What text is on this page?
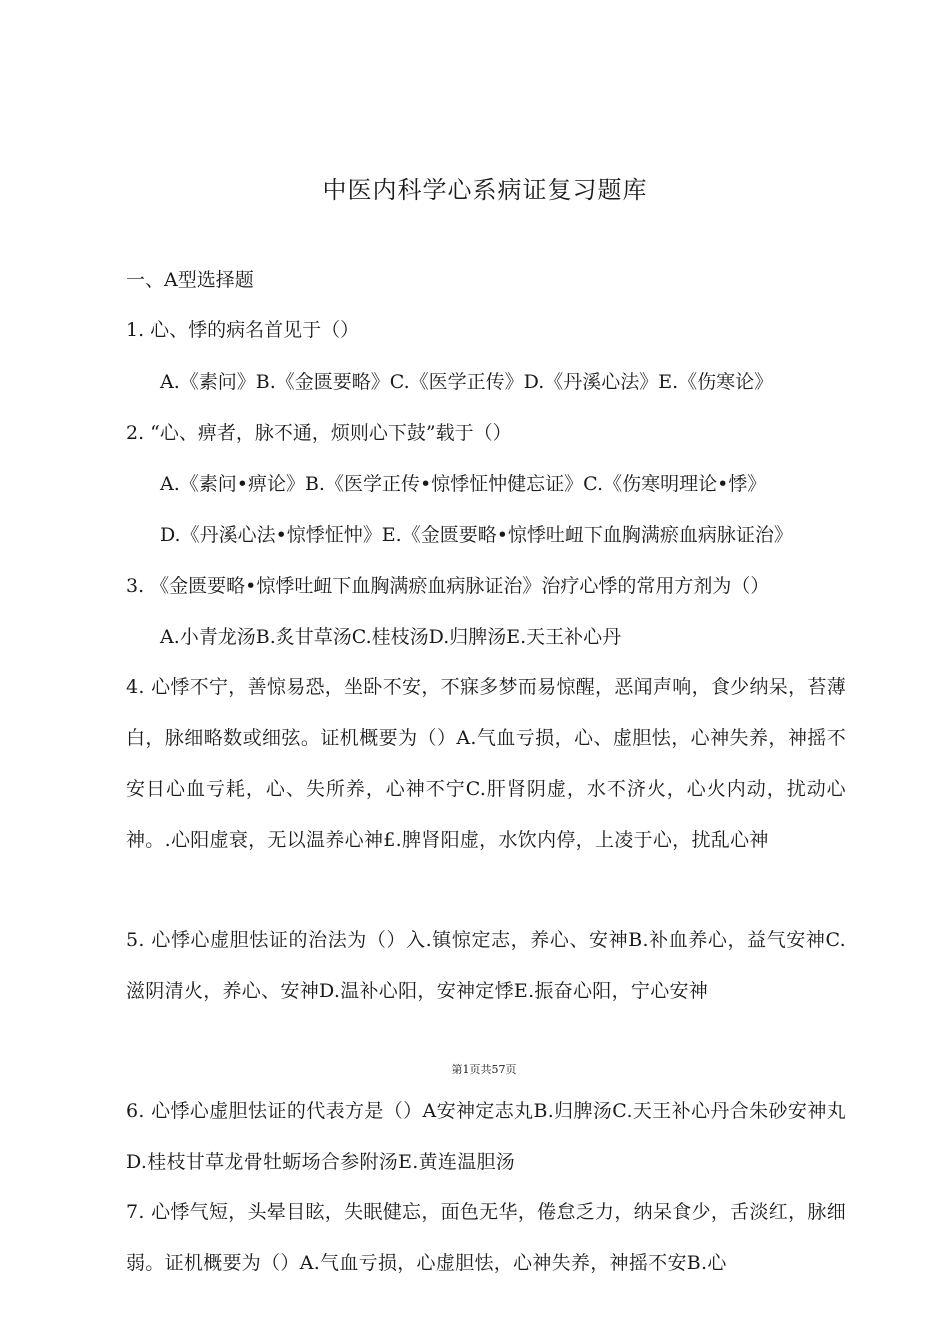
中医内科学心系病证复习题库
一、A型选择题
1. 心、悸的病名首见于（）
A.《素问》B.《金匮要略》C.《医学正传》D.《丹溪心法》E.《伤寒论》
2. “心、痹者，脉不通，烦则心下鼓”载于（）
A.《素问•痹论》B.《医学正传•惊悸怔忡健忘证》C.《伤寒明理论•悸》
D.《丹溪心法•惊悸怔忡》E.《金匮要略•惊悸吐衄下血胸满瘀血病脉证治》
3. 《金匮要略•惊悸吐衄下血胸满瘀血病脉证治》治疗心悸的常用方剂为（）
A.小青龙汤B.炙甘草汤C.桂枝汤D.归脾汤E.天王补心丹
4. 心悸不宁，善惊易恐，坐卧不安，不寐多梦而易惊醒，恶闻声响，食少纳呆，苔薄白，脉细略数或细弦。证机概要为（）A.气血亏损，心、虚胆怯，心神失养，神摇不安日心血亏耗，心、失所养，心神不宁C.肝肾阴虚，水不济火，心火内动，扰动心神。.心阳虚衰，无以温养心神£.脾肾阳虚，水饮内停，上凌于心，扰乱心神
5. 心悸心虚胆怯证的治法为（）入.镇惊定志，养心、安神B.补血养心，益气安神C.滋阴清火，养心、安神D.温补心阳，安神定悸E.振奋心阳，宁心安神
第1页共57页
6. 心悸心虚胆怯证的代表方是（）A安神定志丸B.归脾汤C.天王补心丹合朱砂安神丸D.桂枝甘草龙骨牡蛎场合参附汤E.黄连温胆汤
7. 心悸气短，头晕目眩，失眠健忘，面色无华，倦怠乏力，纳呆食少，舌淡红，脉细弱。证机概要为（）A.气血亏损，心虚胆怯，心神失养，神摇不安B.心
